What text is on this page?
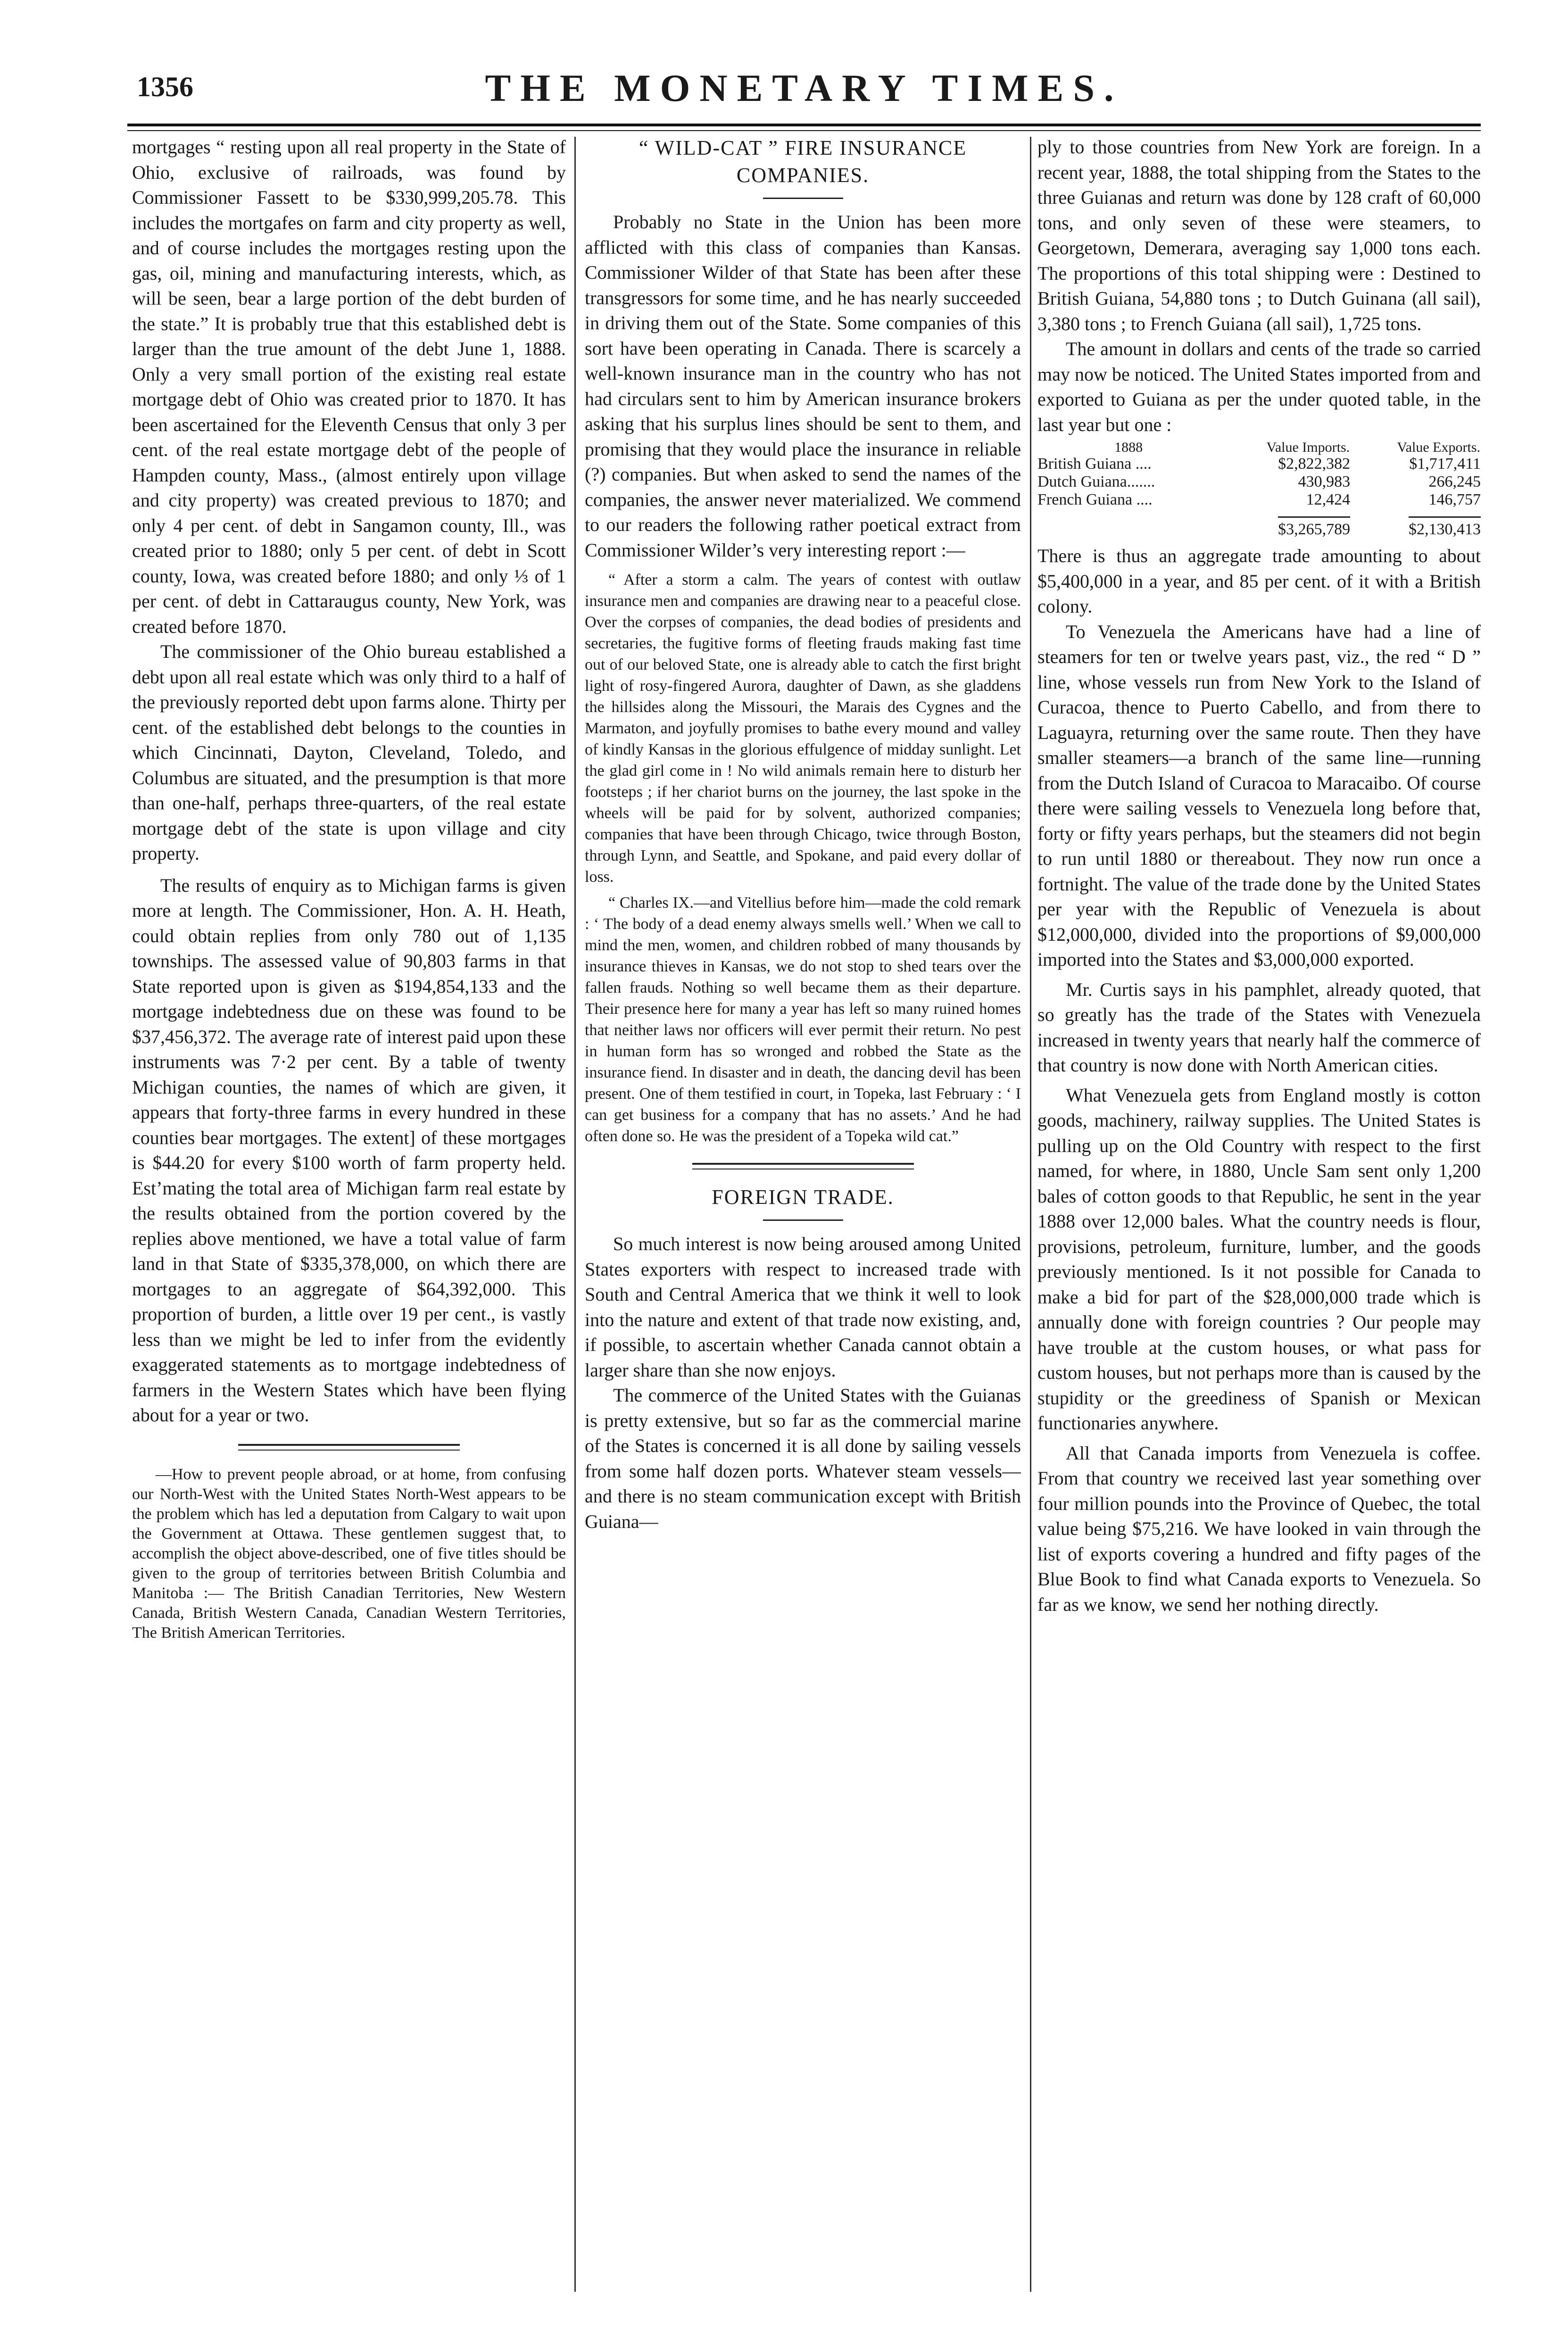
1356	THE MONETARY TIMES.

mortgages “ resting upon all real property in the State of Ohio, exclusive of railroads, was found by Commissioner Fassett to be $330,999,205.78. This includes the mortgafes on farm and city property as well, and of course includes the mortgages resting upon the gas, oil, mining and manufacturing interests, which, as will be seen, bear a large portion of the debt burden of the state.” It is probably true that this established debt is larger than the true amount of the debt June 1, 1888. Only a very small portion of the existing real estate mortgage debt of Ohio was created prior to 1870. It has been ascertained for the Eleventh Census that only 3 per cent. of the real estate mortgage debt of the people of Hampden county, Mass., (almost entirely upon village and city property) was created previous to 1870; and only 4 per cent. of debt in Sangamon county, Ill., was created prior to 1880; only 5 per cent. of debt in Scott county, Iowa, was created before 1880; and only ⅓ of 1 per cent. of debt in Cattaraugus county, New York, was created before 1870.

The commissioner of the Ohio bureau established a debt upon all real estate which was only third to a half of the previously reported debt upon farms alone. Thirty per cent. of the established debt belongs to the counties in which Cincinnati, Dayton, Cleveland, Toledo, and Columbus are situated, and the presumption is that more than one-half, perhaps three-quarters, of the real estate mortgage debt of the state is upon village and city property.

The results of enquiry as to Michigan farms is given more at length. The Commissioner, Hon. A. H. Heath, could obtain replies from only 780 out of 1,135 townships. The assessed value of 90,803 farms in that State reported upon is given as $194,854,133 and the mortgage indebtedness due on these was found to be $37,456,372. The average rate of interest paid upon these instruments was 7·2 per cent. By a table of twenty Michigan counties, the names of which are given, it appears that forty-three farms in every hundred in these counties bear mortgages. The extent] of these mortgages is $44.20 for every $100 worth of farm property held. Est’mating the total area of Michigan farm real estate by the results obtained from the portion covered by the replies above mentioned, we have a total value of farm land in that State of $335,378,000, on which there are mortgages to an aggregate of $64,392,000. This proportion of burden, a little over 19 per cent., is vastly less than we might be led to infer from the evidently exaggerated statements as to mortgage indebtedness of farmers in the Western States which have been flying about for a year or two.

—How to prevent people abroad, or at home, from confusing our North-West with the United States North-West appears to be the problem which has led a deputation from Calgary to wait upon the Government at Ottawa. These gentlemen suggest that, to accomplish the object above-described, one of five titles should be given to the group of territories between British Columbia and Manitoba :— The British Canadian Territories, New Western Canada, British Western Canada, Canadian Western Territories, The British American Territories.

“ WILD-CAT ” FIRE INSURANCE COMPANIES.

Probably no State in the Union has been more afflicted with this class of companies than Kansas. Commissioner Wilder of that State has been after these transgressors for some time, and he has nearly succeeded in driving them out of the State. Some companies of this sort have been operating in Canada. There is scarcely a well-known insurance man in the country who has not had circulars sent to him by American insurance brokers asking that his surplus lines should be sent to them, and promising that they would place the insurance in reliable (?) companies. But when asked to send the names of the companies, the answer never materialized. We commend to our readers the following rather poetical extract from Commissioner Wilder’s very interesting report :—

“ After a storm a calm. The years of contest with outlaw insurance men and companies are drawing near to a peaceful close. Over the corpses of companies, the dead bodies of presidents and secretaries, the fugitive forms of fleeting frauds making fast time out of our beloved State, one is already able to catch the first bright light of rosy-fingered Aurora, daughter of Dawn, as she gladdens the hillsides along the Missouri, the Marais des Cygnes and the Marmaton, and joyfully promises to bathe every mound and valley of kindly Kansas in the glorious effulgence of midday sunlight. Let the glad girl come in ! No wild animals remain here to disturb her footsteps ; if her chariot burns on the journey, the last spoke in the wheels will be paid for by solvent, authorized companies; companies that have been through Chicago, twice through Boston, through Lynn, and Seattle, and Spokane, and paid every dollar of loss.

“ Charles IX.—and Vitellius before him—made the cold remark : ‘ The body of a dead enemy always smells well.’ When we call to mind the men, women, and children robbed of many thousands by insurance thieves in Kansas, we do not stop to shed tears over the fallen frauds. Nothing so well became them as their departure. Their presence here for many a year has left so many ruined homes that neither laws nor officers will ever permit their return. No pest in human form has so wronged and robbed the State as the insurance fiend. In disaster and in death, the dancing devil has been present. One of them testified in court, in Topeka, last February : ‘ I can get business for a company that has no assets.’ And he had often done so. He was the president of a Topeka wild cat.”

FOREIGN TRADE.

So much interest is now being aroused among United States exporters with respect to increased trade with South and Central America that we think it well to look into the nature and extent of that trade now existing, and, if possible, to ascertain whether Canada cannot obtain a larger share than she now enjoys.

The commerce of the United States with the Guianas is pretty extensive, but so far as the commercial marine of the States is concerned it is all done by sailing vessels from some half dozen ports. Whatever steam vessels—and there is no steam communication except with British Guiana—

ply to those countries from New York are foreign. In a recent year, 1888, the total shipping from the States to the three Guianas and return was done by 128 craft of 60,000 tons, and only seven of these were steamers, to Georgetown, Demerara, averaging say 1,000 tons each. The proportions of this total shipping were : Destined to British Guiana, 54,880 tons ; to Dutch Guinana (all sail), 3,380 tons ; to French Guiana (all sail), 1,725 tons.

The amount in dollars and cents of the trade so carried may now be noticed. The United States imported from and exported to Guiana as per the under quoted table, in the last year but one :

1888	Value Imports.	Value Exports.
British Guiana ....	$2,822,382	$1,717,411
Dutch Guiana.......	430,983	266,245
French Guiana ....	12,424	146,757
	$3,265,789	$2,130,413

There is thus an aggregate trade amounting to about $5,400,000 in a year, and 85 per cent. of it with a British colony.

To Venezuela the Americans have had a line of steamers for ten or twelve years past, viz., the red “ D ” line, whose vessels run from New York to the Island of Curacoa, thence to Puerto Cabello, and from there to Laguayra, returning over the same route. Then they have smaller steamers—a branch of the same line—running from the Dutch Island of Curacoa to Maracaibo. Of course there were sailing vessels to Venezuela long before that, forty or fifty years perhaps, but the steamers did not begin to run until 1880 or thereabout. They now run once a fortnight. The value of the trade done by the United States per year with the Republic of Venezuela is about $12,000,000, divided into the proportions of $9,000,000 imported into the States and $3,000,000 exported.

Mr. Curtis says in his pamphlet, already quoted, that so greatly has the trade of the States with Venezuela increased in twenty years that nearly half the commerce of that country is now done with North American cities.

What Venezuela gets from England mostly is cotton goods, machinery, railway supplies. The United States is pulling up on the Old Country with respect to the first named, for where, in 1880, Uncle Sam sent only 1,200 bales of cotton goods to that Republic, he sent in the year 1888 over 12,000 bales. What the country needs is flour, provisions, petroleum, furniture, lumber, and the goods previously mentioned. Is it not possible for Canada to make a bid for part of the $28,000,000 trade which is annually done with foreign countries ? Our people may have trouble at the custom houses, or what pass for custom houses, but not perhaps more than is caused by the stupidity or the greediness of Spanish or Mexican functionaries anywhere.

All that Canada imports from Venezuela is coffee. From that country we received last year something over four million pounds into the Province of Quebec, the total value being $75,216. We have looked in vain through the list of exports covering a hundred and fifty pages of the Blue Book to find what Canada exports to Venezuela. So far as we know, we send her nothing directly.
